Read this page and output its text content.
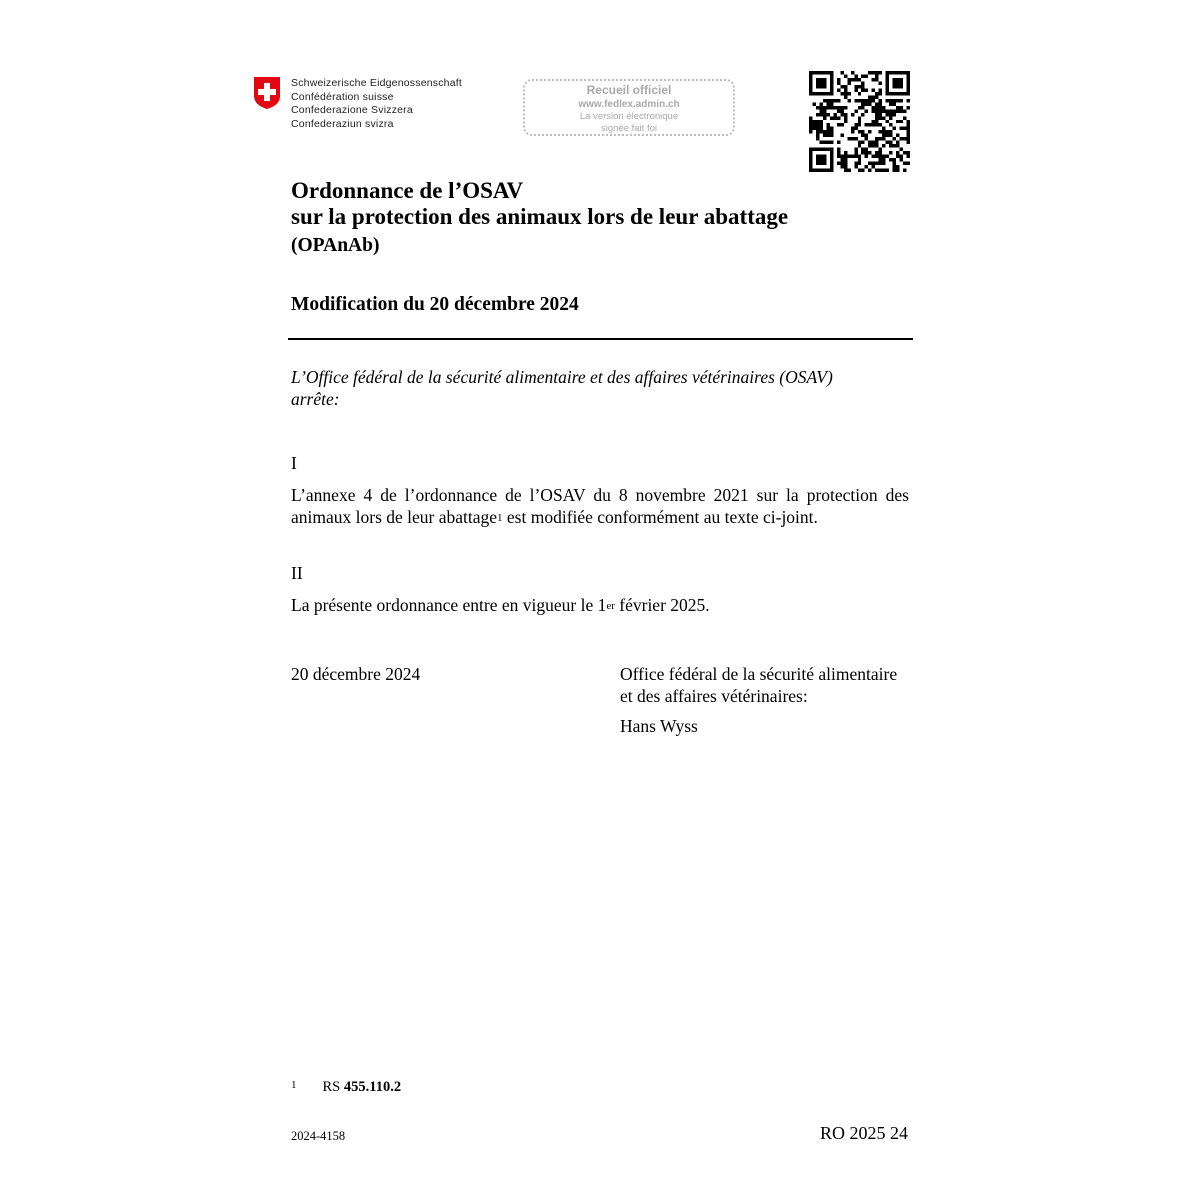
Schweizerische Eidgenossenschaft
Confédération suisse
Confederazione Svizzera
Confederaziun svizra
Recueil officiel
www.fedlex.admin.ch
La version électronique
signée fait foi
Ordonnance de l’OSAV
sur la protection des animaux lors de leur abattage
(OPAnAb)
Modification du 20 décembre 2024
L’Office fédéral de la sécurité alimentaire et des affaires vétérinaires (OSAV)
arrête:
I
L’annexe 4 de l’ordonnance de l’OSAV du 8 novembre 2021 sur la protection des
animaux lors de leur abattage$^1$ est modifiée conformément au texte ci-joint.
II
La présente ordonnance entre en vigueur le 1er février 2025.
20 décembre 2024	Office fédéral de la sécurité alimentaire
et des affaires vétérinaires:
Hans Wyss
$^1$ RS 455.110.2
2024-4158	RO 2025 24
